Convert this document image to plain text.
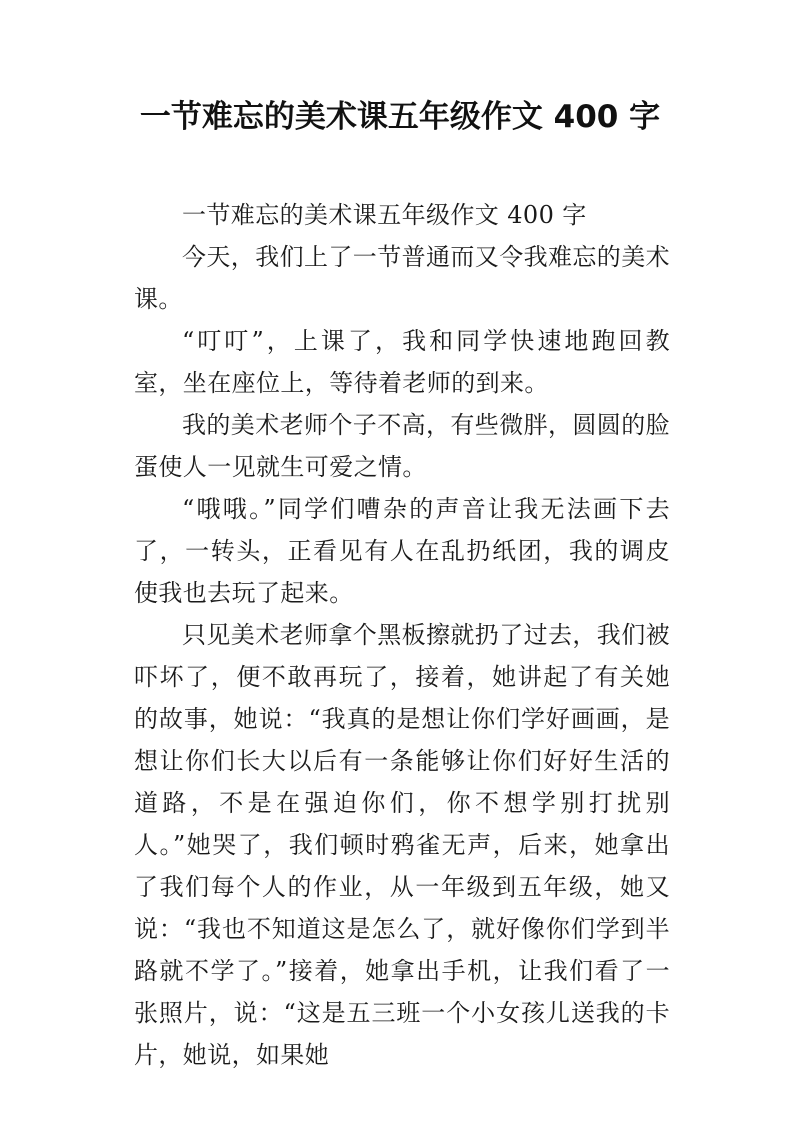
一节难忘的美术课五年级作文 400 字

一节难忘的美术课五年级作文 400 字

今天，我们上了一节普通而又令我难忘的美术课。

“叮叮”，上课了，我和同学快速地跑回教室，坐在座位上，等待着老师的到来。

我的美术老师个子不高，有些微胖，圆圆的脸蛋使人一见就生可爱之情。

“哦哦。”同学们嘈杂的声音让我无法画下去了，一转头，正看见有人在乱扔纸团，我的调皮使我也去玩了起来。

只见美术老师拿个黑板擦就扔了过去，我们被吓坏了，便不敢再玩了，接着，她讲起了有关她的故事，她说：“我真的是想让你们学好画画，是想让你们长大以后有一条能够让你们好好生活的道路，不是在强迫你们，你不想学别打扰别人。”她哭了，我们顿时鸦雀无声，后来，她拿出了我们每个人的作业，从一年级到五年级，她又说：“我也不知道这是怎么了，就好像你们学到半路就不学了。”接着，她拿出手机，让我们看了一张照片，说：“这是五三班一个小女孩儿送我的卡片，她说，如果她
